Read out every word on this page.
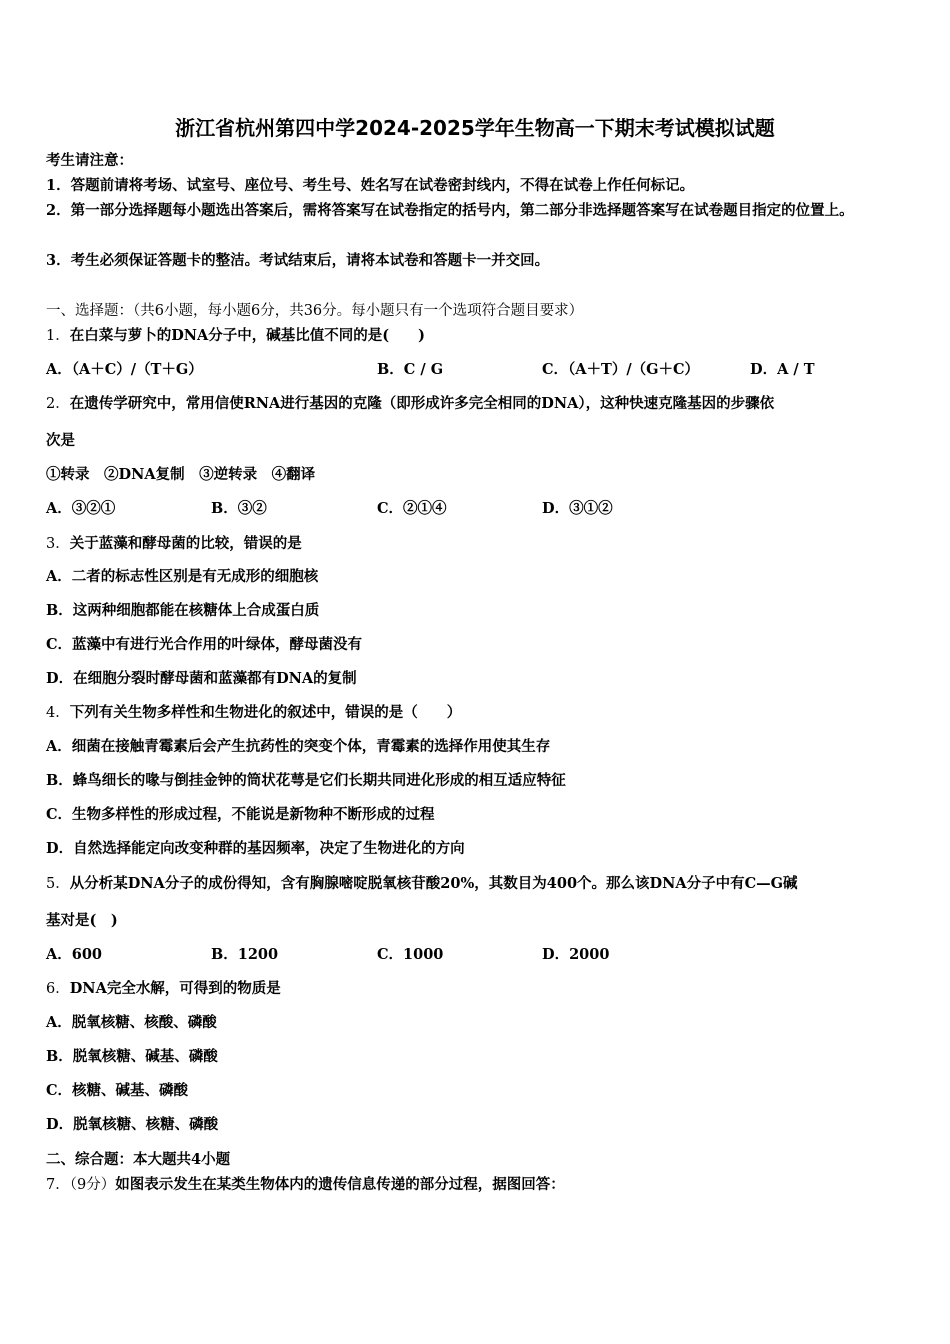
浙江省杭州第四中学2024-2025学年生物高一下期末考试模拟试题
考生请注意：
1．答题前请将考场、试室号、座位号、考生号、姓名写在试卷密封线内，不得在试卷上作任何标记。
2．第一部分选择题每小题选出答案后，需将答案写在试卷指定的括号内，第二部分非选择题答案写在试卷题目指定的位置上。
3．考生必须保证答题卡的整洁。考试结束后，请将本试卷和答题卡一并交回。
一、选择题：（共6小题，每小题6分，共36分。每小题只有一个选项符合题目要求）
1．在白菜与萝卜的DNA分子中，碱基比值不同的是(　　)
A．（A＋C）/（T＋G）	B．C / G	C．（A＋T）/（G＋C）	D．A / T
2．在遗传学研究中，常用信使RNA进行基因的克隆（即形成许多完全相同的DNA），这种快速克隆基因的步骤依
次是
①转录　②DNA复制　③逆转录　④翻译
A．③②①	B．③②	C．②①④	D．③①②
3．关于蓝藻和酵母菌的比较，错误的是
A．二者的标志性区别是有无成形的细胞核
B．这两种细胞都能在核糖体上合成蛋白质
C．蓝藻中有进行光合作用的叶绿体，酵母菌没有
D．在细胞分裂时酵母菌和蓝藻都有DNA的复制
4．下列有关生物多样性和生物进化的叙述中，错误的是（　　）
A．细菌在接触青霉素后会产生抗药性的突变个体，青霉素的选择作用使其生存
B．蜂鸟细长的喙与倒挂金钟的筒状花萼是它们长期共同进化形成的相互适应特征
C．生物多样性的形成过程，不能说是新物种不断形成的过程
D．自然选择能定向改变种群的基因频率，决定了生物进化的方向
5．从分析某DNA分子的成份得知，含有胸腺嘧啶脱氧核苷酸20%，其数目为400个。那么该DNA分子中有C—G碱
基对是(　)
A．600	B．1200	C．1000	D．2000
6．DNA完全水解，可得到的物质是
A．脱氧核糖、核酸、磷酸
B．脱氧核糖、碱基、磷酸
C．核糖、碱基、磷酸
D．脱氧核糖、核糖、磷酸
二、综合题：本大题共4小题
7．（9分）如图表示发生在某类生物体内的遗传信息传递的部分过程，据图回答：
